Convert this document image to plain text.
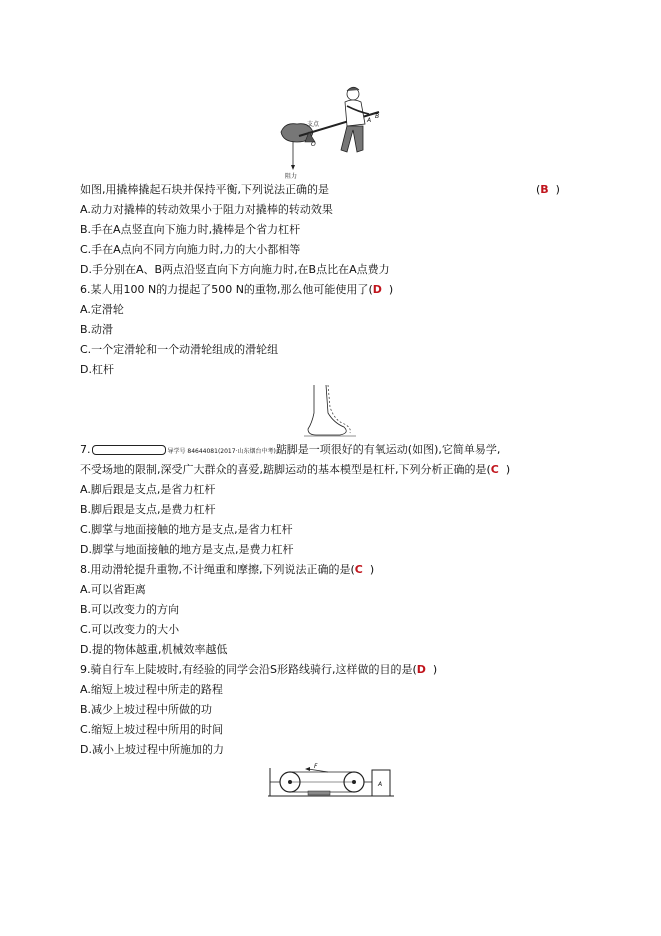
支点
O
A
B
阻力
如图,用撬棒撬起石块并保持平衡,下列说法正确的是	(B  )
A.动力对撬棒的转动效果小于阻力对撬棒的转动效果
B.手在A点竖直向下施力时,撬棒是个省力杠杆
C.手在A点向不同方向施力时,力的大小都相等
D.手分别在A、B两点沿竖直向下方向施力时,在B点比在A点费力
6.某人用100 N的力提起了500 N的重物,那么他可能使用了(D  )
A.定滑轮
B.动滑
C.一个定滑轮和一个动滑轮组成的滑轮组
D.杠杆
7.	导学号 84644081(2017·山东烟台中考)踮脚是一项很好的有氧运动(如图),它简单易学,
不受场地的限制,深受广大群众的喜爱,踮脚运动的基本模型是杠杆,下列分析正确的是(C  )
A.脚后跟是支点,是省力杠杆
B.脚后跟是支点,是费力杠杆
C.脚掌与地面接触的地方是支点,是省力杠杆
D.脚掌与地面接触的地方是支点,是费力杠杆
8.用动滑轮提升重物,不计绳重和摩擦,下列说法正确的是(C  )
A.可以省距离
B.可以改变力的方向
C.可以改变力的大小
D.提的物体越重,机械效率越低
9.骑自行车上陡坡时,有经验的同学会沿S形路线骑行,这样做的目的是(D  )
A.缩短上坡过程中所走的路程
B.减少上坡过程中所做的功
C.缩短上坡过程中所用的时间
D.减小上坡过程中所施加的力
F
A
